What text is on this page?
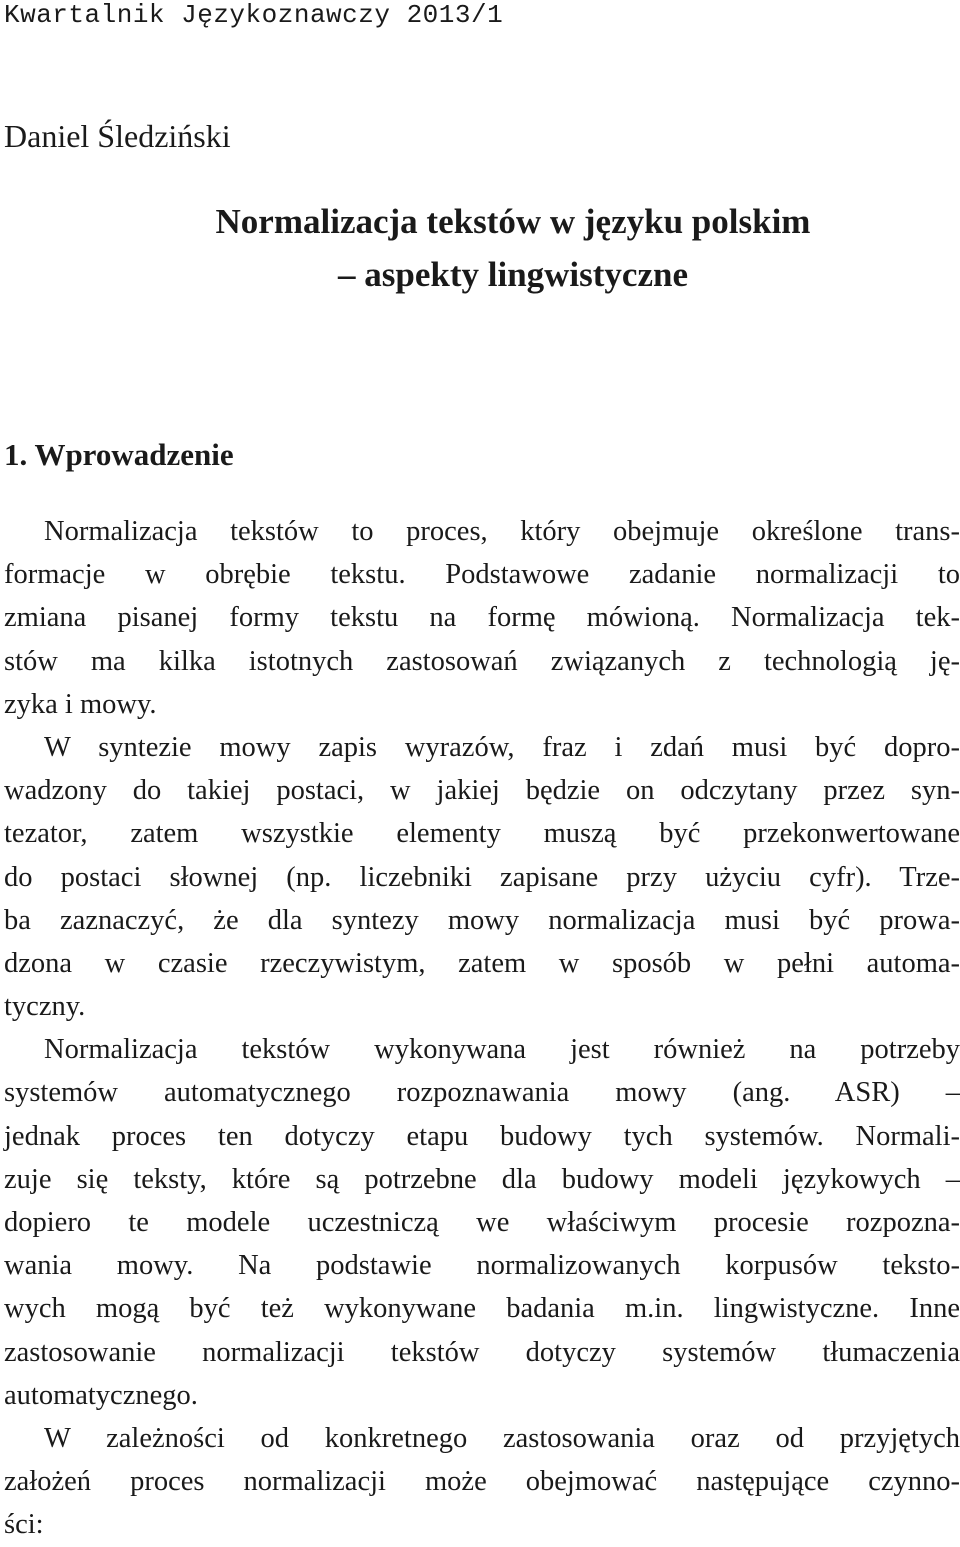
Kwartalnik Językoznawczy 2013/1
Daniel Śledziński
Normalizacja tekstów w języku polskim
– aspekty lingwistyczne
1. Wprowadzenie
Normalizacja tekstów to proces, który obejmuje określone trans-
formacje w obrębie tekstu. Podstawowe zadanie normalizacji to
zmiana pisanej formy tekstu na formę mówioną. Normalizacja tek-
stów ma kilka istotnych zastosowań związanych z technologią ję-
zyka i mowy.
W syntezie mowy zapis wyrazów, fraz i zdań musi być dopro-
wadzony do takiej postaci, w jakiej będzie on odczytany przez syn-
tezator, zatem wszystkie elementy muszą być przekonwertowane
do postaci słownej (np. liczebniki zapisane przy użyciu cyfr). Trze-
ba zaznaczyć, że dla syntezy mowy normalizacja musi być prowa-
dzona w czasie rzeczywistym, zatem w sposób w pełni automa-
tyczny.
Normalizacja tekstów wykonywana jest również na potrzeby
systemów automatycznego rozpoznawania mowy (ang. ASR) –
jednak proces ten dotyczy etapu budowy tych systemów. Normali-
zuje się teksty, które są potrzebne dla budowy modeli językowych –
dopiero te modele uczestniczą we właściwym procesie rozpozna-
wania mowy. Na podstawie normalizowanych korpusów teksto-
wych mogą być też wykonywane badania m.in. lingwistyczne. Inne
zastosowanie normalizacji tekstów dotyczy systemów tłumaczenia
automatycznego.
W zależności od konkretnego zastosowania oraz od przyjętych
założeń proces normalizacji może obejmować następujące czynno-
ści:
